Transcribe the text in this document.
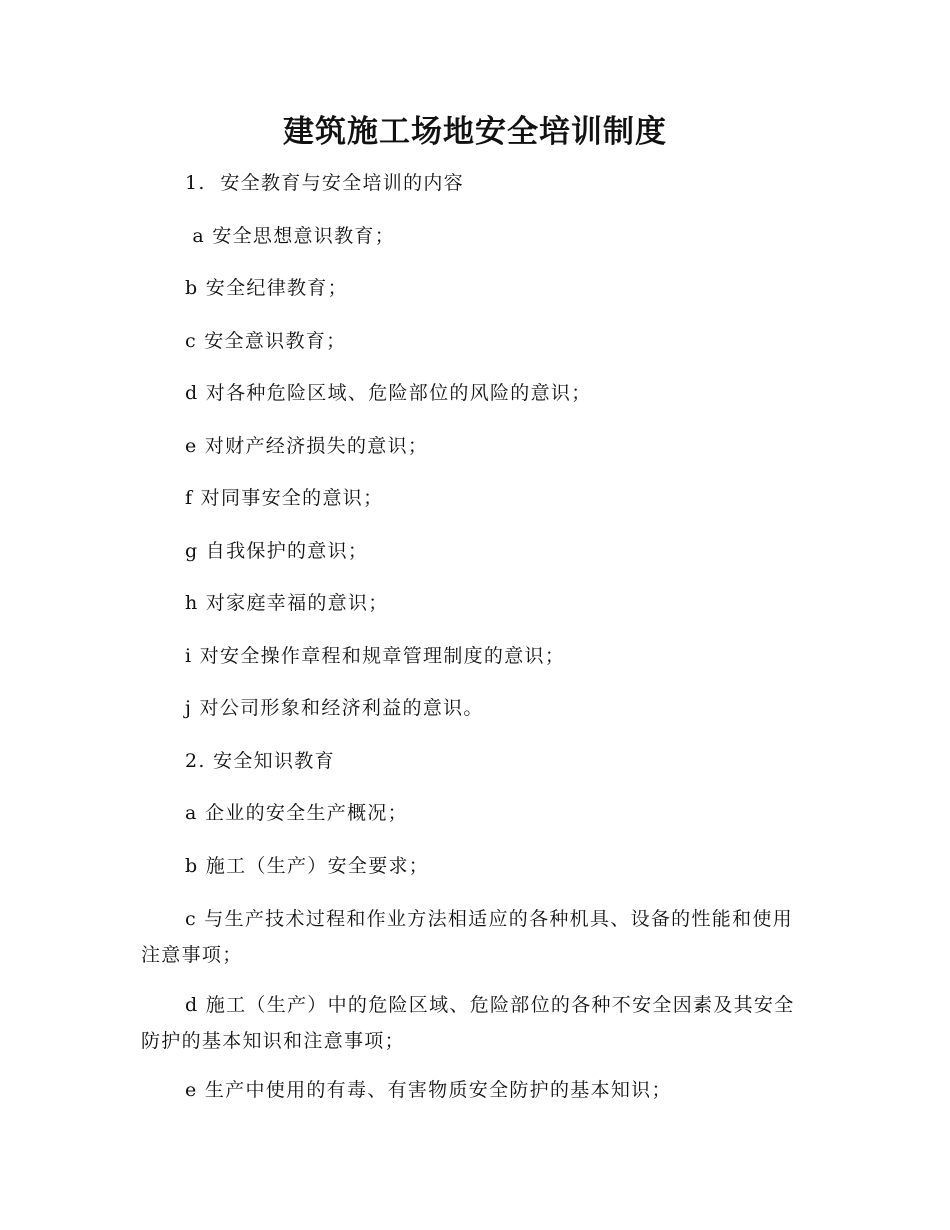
建筑施工场地安全培训制度

1.  安全教育与安全培训的内容

a 安全思想意识教育；

b 安全纪律教育；

c 安全意识教育；

d 对各种危险区域、危险部位的风险的意识；

e 对财产经济损失的意识；

f 对同事安全的意识；

g 自我保护的意识；

h 对家庭幸福的意识；

i 对安全操作章程和规章管理制度的意识；

j 对公司形象和经济利益的意识。

2. 安全知识教育

a 企业的安全生产概况；

b 施工（生产）安全要求；

c 与生产技术过程和作业方法相适应的各种机具、设备的性能和使用注意事项；

d 施工（生产）中的危险区域、危险部位的各种不安全因素及其安全防护的基本知识和注意事项；

e 生产中使用的有毒、有害物质安全防护的基本知识；
